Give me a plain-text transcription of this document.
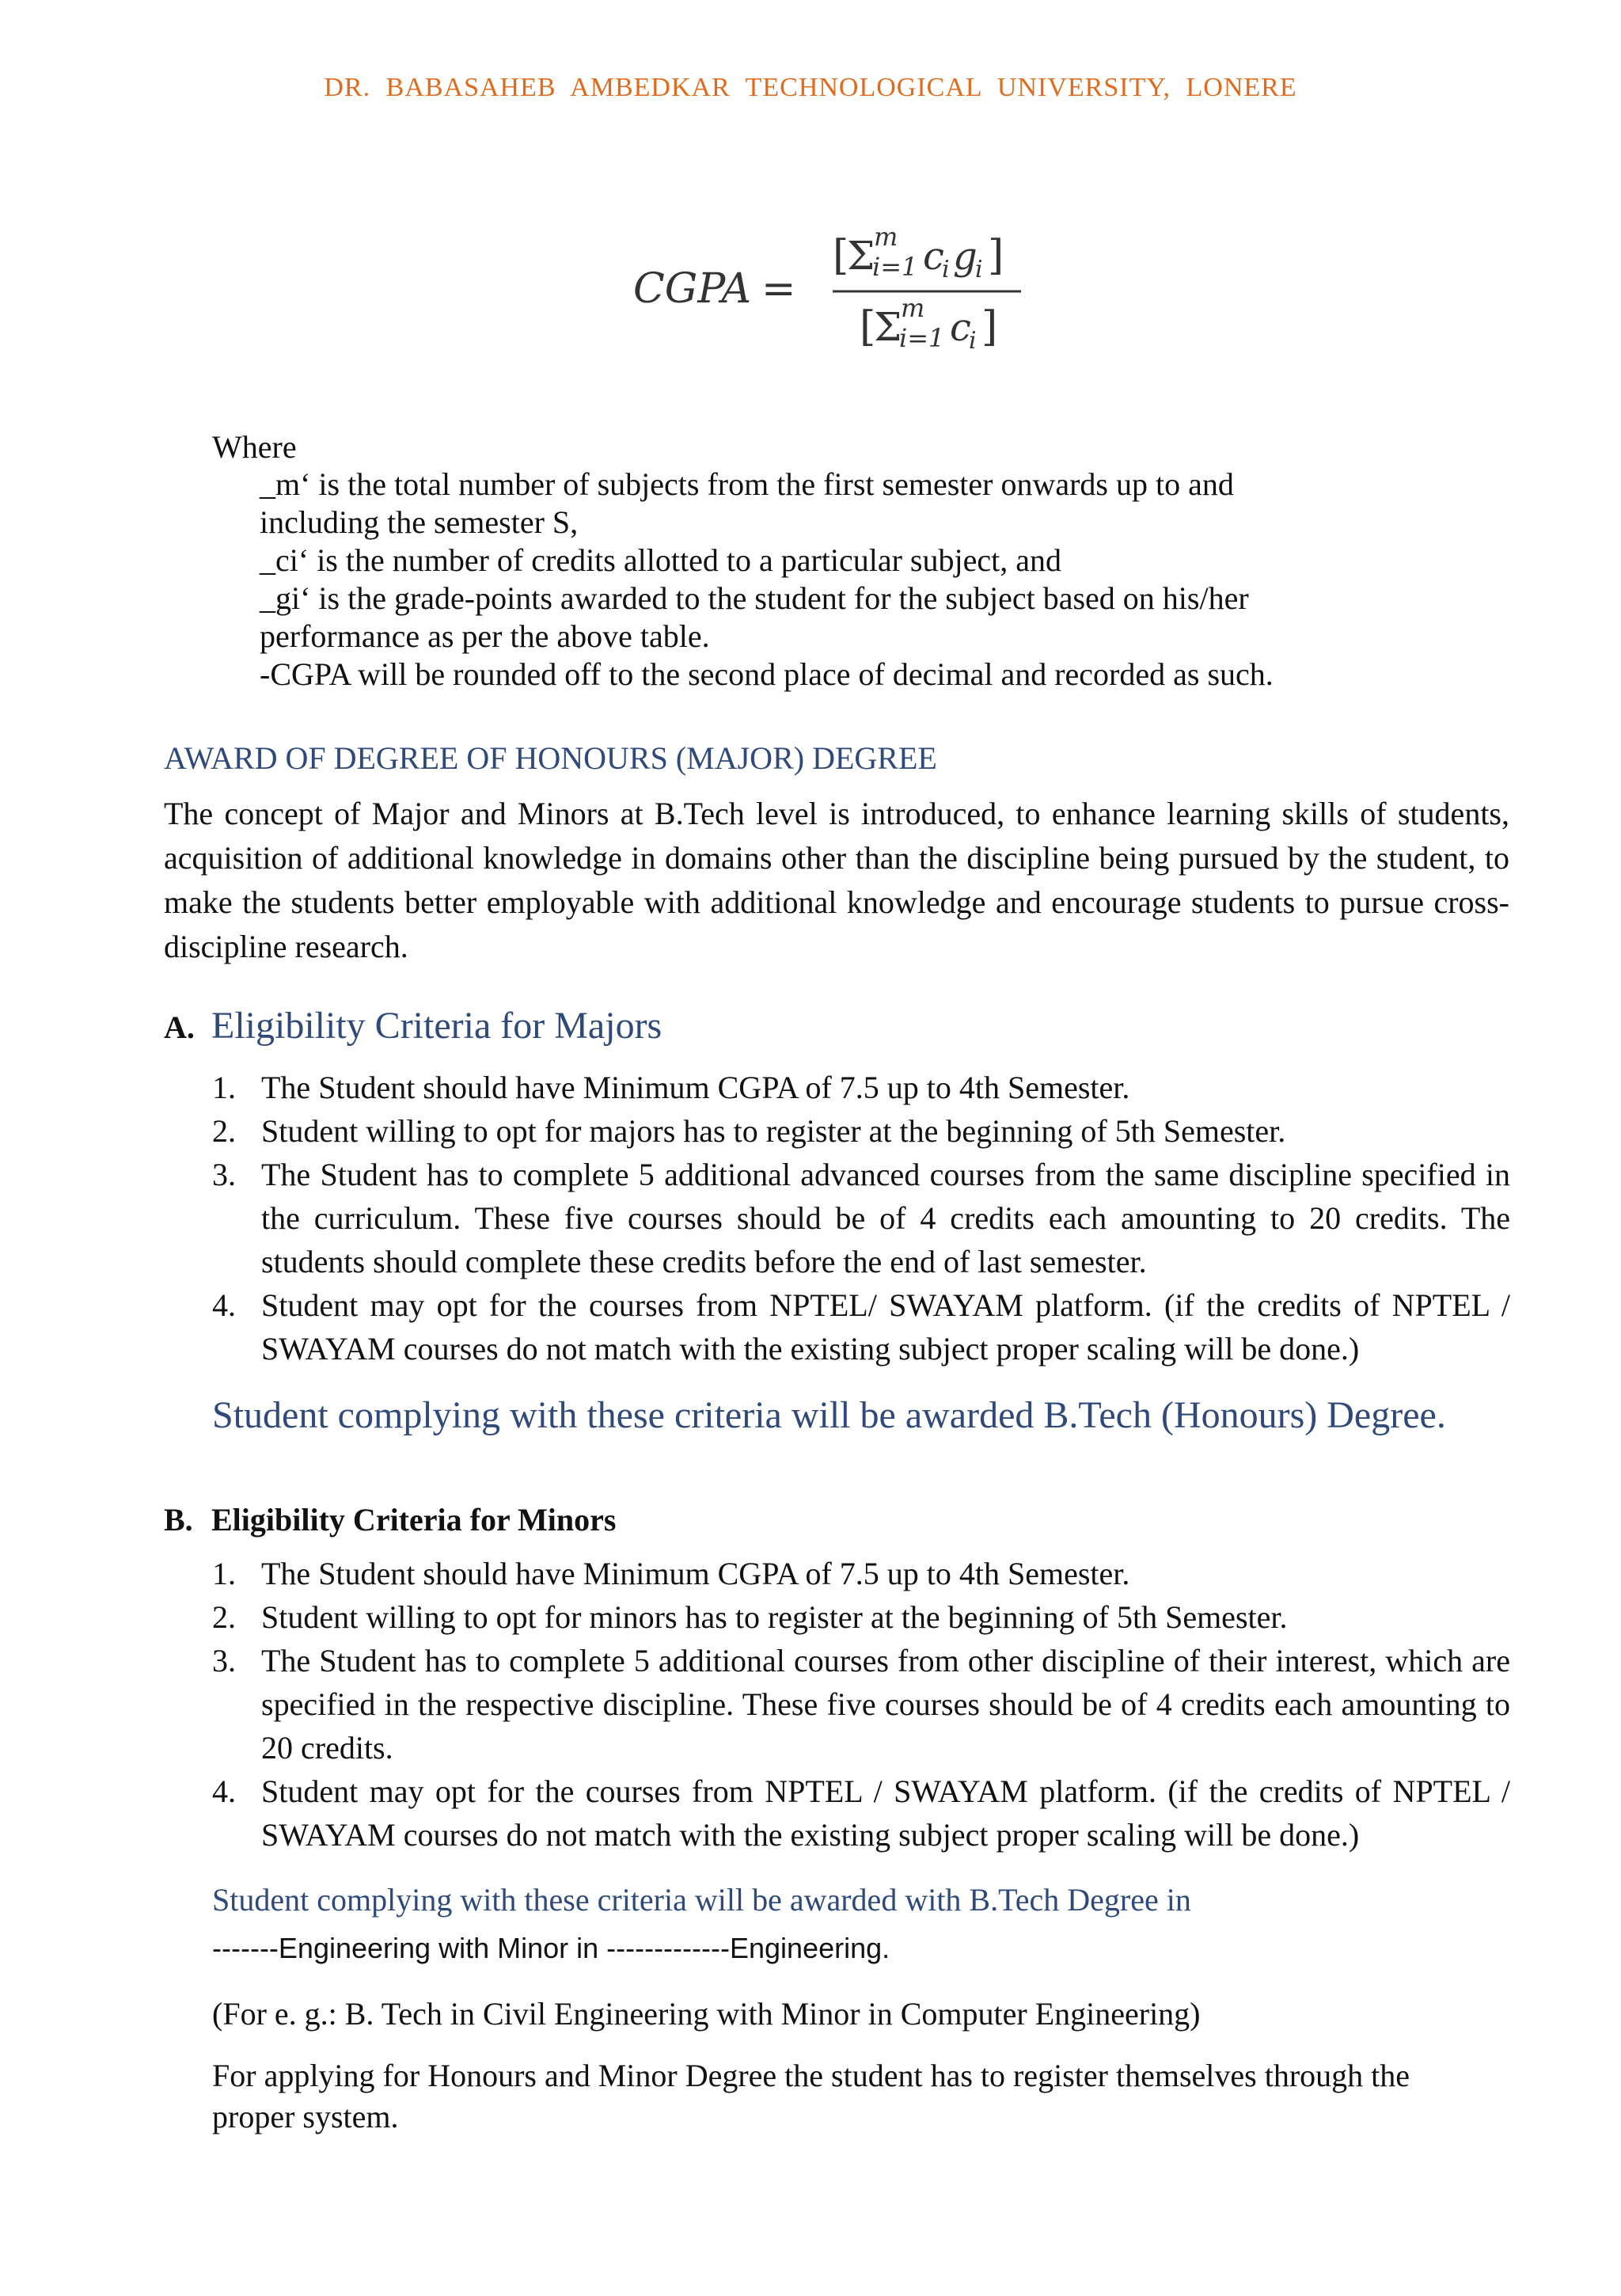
DR. BABASAHEB AMBEDKAR TECHNOLOGICAL UNIVERSITY, LONERE
CGPA =
[
Σ
m
i=1 c
i g
i ]
[
Σ
m
i=1 c
i ]

Where

_m‘ is the total number of subjects from the first semester onwards up to and
including the semester S,
_ci‘ is the number of credits allotted to a particular subject, and
_gi‘ is the grade-points awarded to the student for the subject based on his/her
performance as per the above table.
-CGPA will be rounded off to the second place of decimal and recorded as such.
AWARD OF DEGREE OF HONOURS (MAJOR) DEGREE

The concept of Major and Minors at B.Tech level is introduced, to enhance learning skills of students, acquisition of additional knowledge in domains other than the discipline being pursued by the student, to make the students better employable with additional knowledge and encourage students to pursue cross-discipline research.

A. Eligibility Criteria for Majors
1. The Student should have Minimum CGPA of 7.5 up to 4th Semester.
2. Student willing to opt for majors has to register at the beginning of 5th Semester.
3. The Student has to complete 5 additional advanced courses from the same discipline specified in the curriculum. These five courses should be of 4 credits each amounting to 20 credits. The students should complete these credits before the end of last semester.
4. Student may opt for the courses from NPTEL/ SWAYAM platform. (if the credits of NPTEL / SWAYAM courses do not match with the existing subject proper scaling will be done.)

Student complying with these criteria will be awarded B.Tech (Honours) Degree.

B. Eligibility Criteria for Minors
1. The Student should have Minimum CGPA of 7.5 up to 4th Semester.
2. Student willing to opt for minors has to register at the beginning of 5th Semester.
3. The Student has to complete 5 additional courses from other discipline of their interest, which are specified in the respective discipline. These five courses should be of 4 credits each amounting to 20 credits.
4. Student may opt for the courses from NPTEL / SWAYAM platform. (if the credits of NPTEL / SWAYAM courses do not match with the existing subject proper scaling will be done.)

Student complying with these criteria will be awarded with B.Tech Degree in

-------Engineering with Minor in -------------Engineering.

(For e. g.: B. Tech in Civil Engineering with Minor in Computer Engineering)

For applying for Honours and Minor Degree the student has to register themselves through the proper system.
